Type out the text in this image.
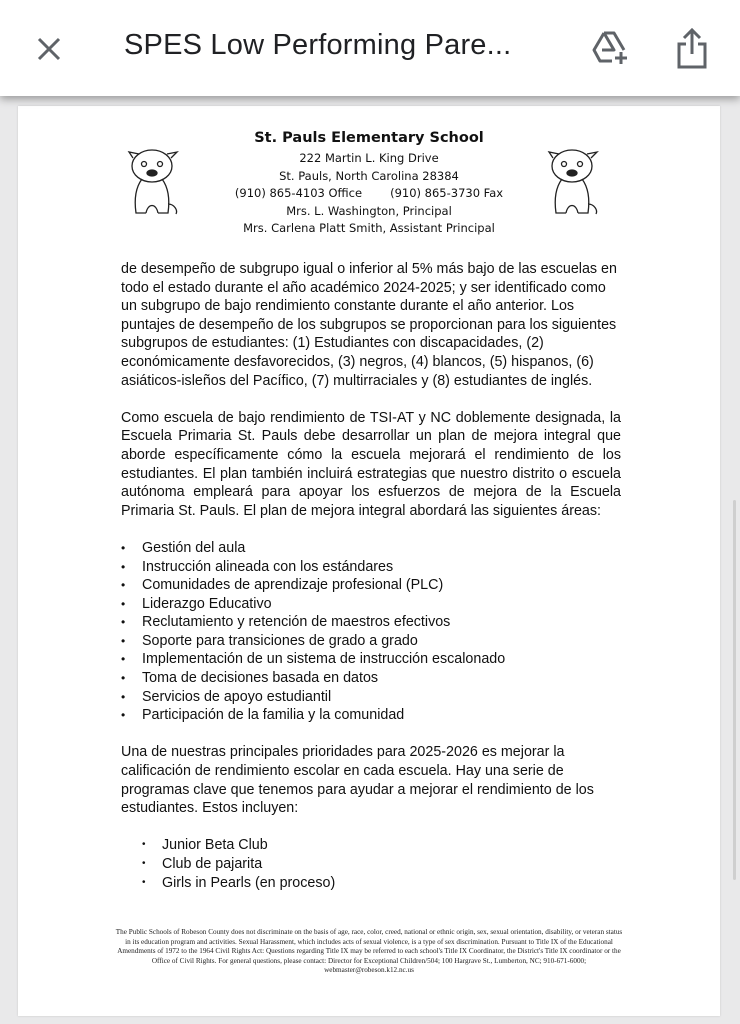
SPES Low Performing Pare...
St. Pauls Elementary School
222 Martin L. King Drive
St. Pauls, North Carolina 28384
(910) 865-4103 Office (910) 865-3730 Fax
Mrs. L. Washington, Principal
Mrs. Carlena Platt Smith, Assistant Principal

de desempeño de subgrupo igual o inferior al 5% más bajo de las escuelas en todo el estado durante el año académico 2024-2025; y ser identificado como un subgrupo de bajo rendimiento constante durante el año anterior. Los puntajes de desempeño de los subgrupos se proporcionan para los siguientes subgrupos de estudiantes: (1) Estudiantes con discapacidades, (2) económicamente desfavorecidos, (3) negros, (4) blancos, (5) hispanos, (6) asiáticos-isleños del Pacífico, (7) multirraciales y (8) estudiantes de inglés.

Como escuela de bajo rendimiento de TSI-AT y NC doblemente designada, la Escuela Primaria St. Pauls debe desarrollar un plan de mejora integral que aborde específicamente cómo la escuela mejorará el rendimiento de los estudiantes. El plan también incluirá estrategias que nuestro distrito o escuela autónoma empleará para apoyar los esfuerzos de mejora de la Escuela Primaria St. Pauls. El plan de mejora integral abordará las siguientes áreas:

• Gestión del aula
• Instrucción alineada con los estándares
• Comunidades de aprendizaje profesional (PLC)
• Liderazgo Educativo
• Reclutamiento y retención de maestros efectivos
• Soporte para transiciones de grado a grado
• Implementación de un sistema de instrucción escalonado
• Toma de decisiones basada en datos
• Servicios de apoyo estudiantil
• Participación de la familia y la comunidad

Una de nuestras principales prioridades para 2025-2026 es mejorar la calificación de rendimiento escolar en cada escuela. Hay una serie de programas clave que tenemos para ayudar a mejorar el rendimiento de los estudiantes. Estos incluyen:

• Junior Beta Club
• Club de pajarita
• Girls in Pearls (en proceso)
The Public Schools of Robeson County does not discriminate on the basis of age, race, color, creed, national or ethnic origin, sex, sexual orientation, disability, or veteran status in its education program and activities. Sexual Harassment, which includes acts of sexual violence, is a type of sex discrimination. Pursuant to Title IX of the Educational Amendments of 1972 to the 1964 Civil Rights Act: Questions regarding Title IX may be referred to each school's Title IX Coordinator, the District's Title IX coordinator or the Office of Civil Rights. For general questions, please contact: Director for Exceptional Children/504; 100 Hargrave St., Lumberton, NC; 910-671-6000; webmaster@robeson.k12.nc.us
